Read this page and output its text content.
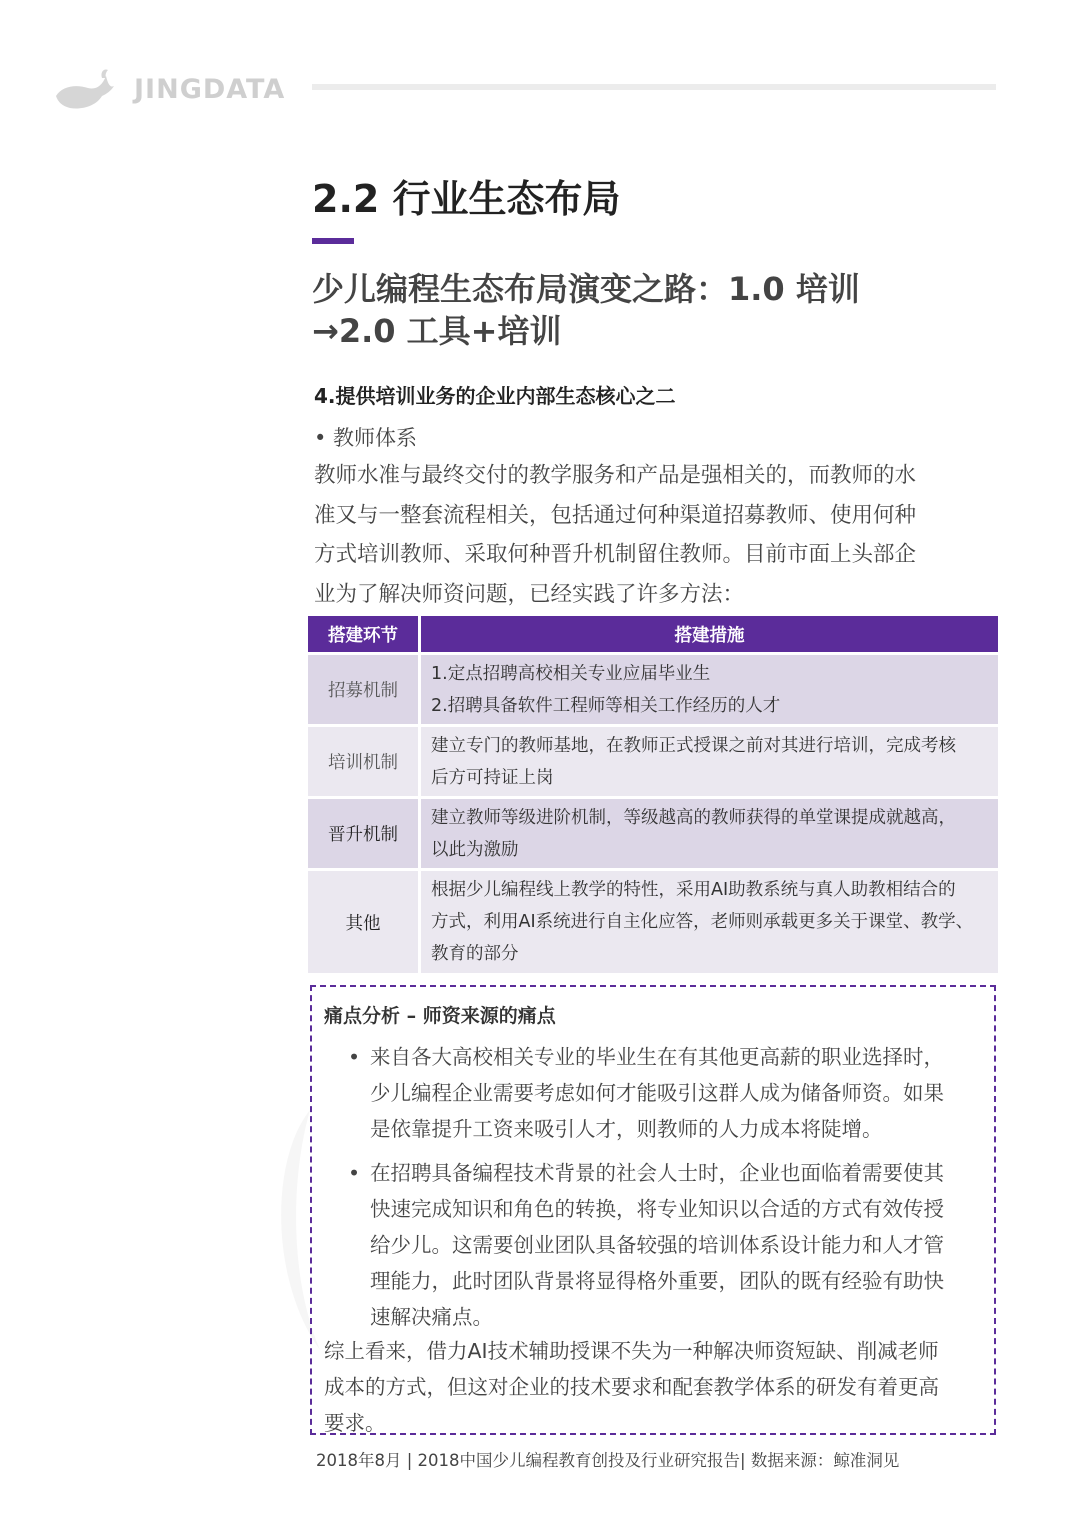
JINGDATA
2.2 行业生态布局
少儿编程生态布局演变之路：1.0 培训
→2.0 工具+培训
4.提供培训业务的企业内部生态核心之二
• 教师体系
教师水准与最终交付的教学服务和产品是强相关的，而教师的水
准又与一整套流程相关，包括通过何种渠道招募教师、使用何种
方式培训教师、采取何种晋升机制留住教师。目前市面上头部企
业为了解决师资问题，已经实践了许多方法：
搭建环节	搭建措施
招募机制
1.定点招聘高校相关专业应届毕业生
2.招聘具备软件工程师等相关工作经历的人才
培训机制
建立专门的教师基地，在教师正式授课之前对其进行培训，完成考核
后方可持证上岗
晋升机制
建立教师等级进阶机制，等级越高的教师获得的单堂课提成就越高，
以此为激励
其他
根据少儿编程线上教学的特性，采用AI助教系统与真人助教相结合的
方式，利用AI系统进行自主化应答，老师则承载更多关于课堂、教学、
教育的部分
痛点分析 – 师资来源的痛点
• 来自各大高校相关专业的毕业生在有其他更高薪的职业选择时，
少儿编程企业需要考虑如何才能吸引这群人成为储备师资。如果
是依靠提升工资来吸引人才，则教师的人力成本将陡增。
• 在招聘具备编程技术背景的社会人士时，企业也面临着需要使其
快速完成知识和角色的转换，将专业知识以合适的方式有效传授
给少儿。这需要创业团队具备较强的培训体系设计能力和人才管
理能力，此时团队背景将显得格外重要，团队的既有经验有助快
速解决痛点。
综上看来，借力AI技术辅助授课不失为一种解决师资短缺、削减老师
成本的方式，但这对企业的技术要求和配套教学体系的研发有着更高
要求。
2018年8月 | 2018中国少儿编程教育创投及行业研究报告| 数据来源：鲸准洞见
